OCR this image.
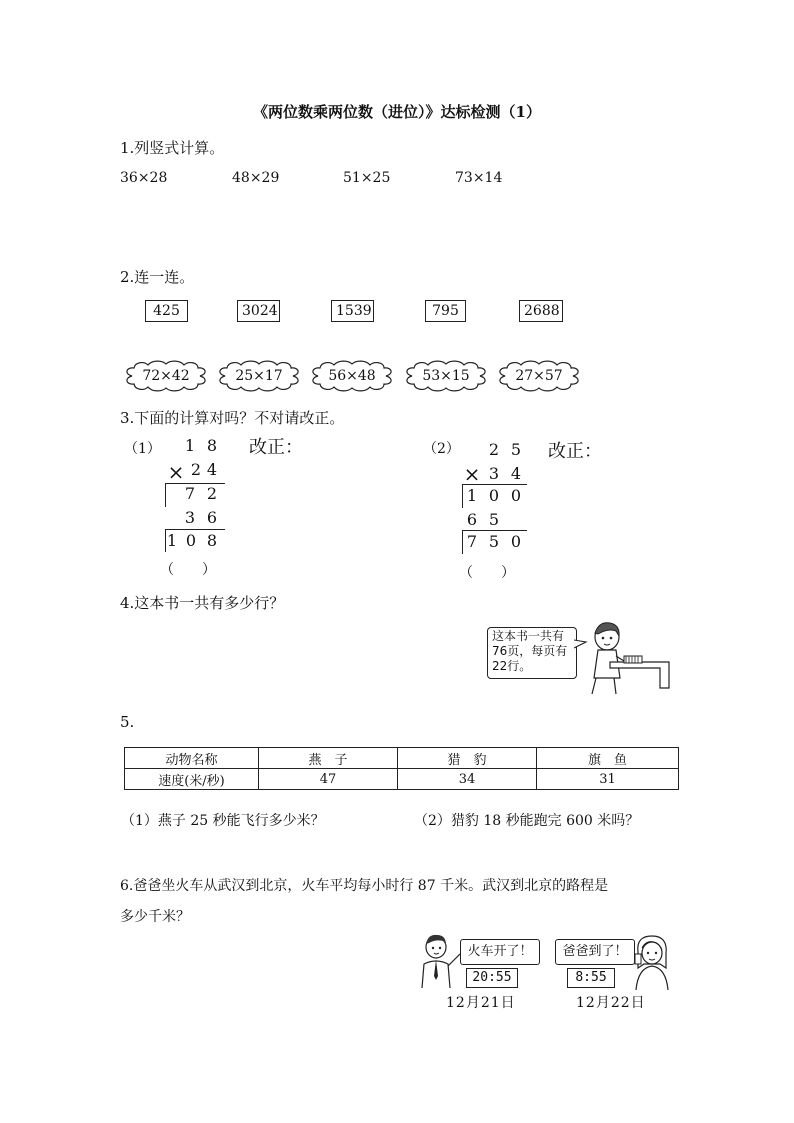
《两位数乘两位数（进位）》达标检测（1）
1.列竖式计算。
36×28	48×29	51×25	73×14
2.连一连。
425	3024	1539	795	2688
72×42	25×17	56×48	53×15	27×57
3.下面的计算对吗？不对请改正。
（1）	1 8
× 2 4
7 2
3 6
1 0 8
（　　）
改正：	（2）	2 5
× 3 4
1 0 0
6 5
7 5 0
（　　）
改正：
4.这本书一共有多少行？
这本书一共有
76页，每页有
22行。
5.
动物名称	燕　子	猎　豹	旗　鱼
速度(米/秒)	47	34	31
（1）燕子 25 秒能飞行多少米？	（2）猎豹 18 秒能跑完 600 米吗？
6.爸爸坐火车从武汉到北京，火车平均每小时行 87 千米。武汉到北京的路程是
多少千米？
火车开了！
20:55
12月21日
爸爸到了！
8:55
12月22日
